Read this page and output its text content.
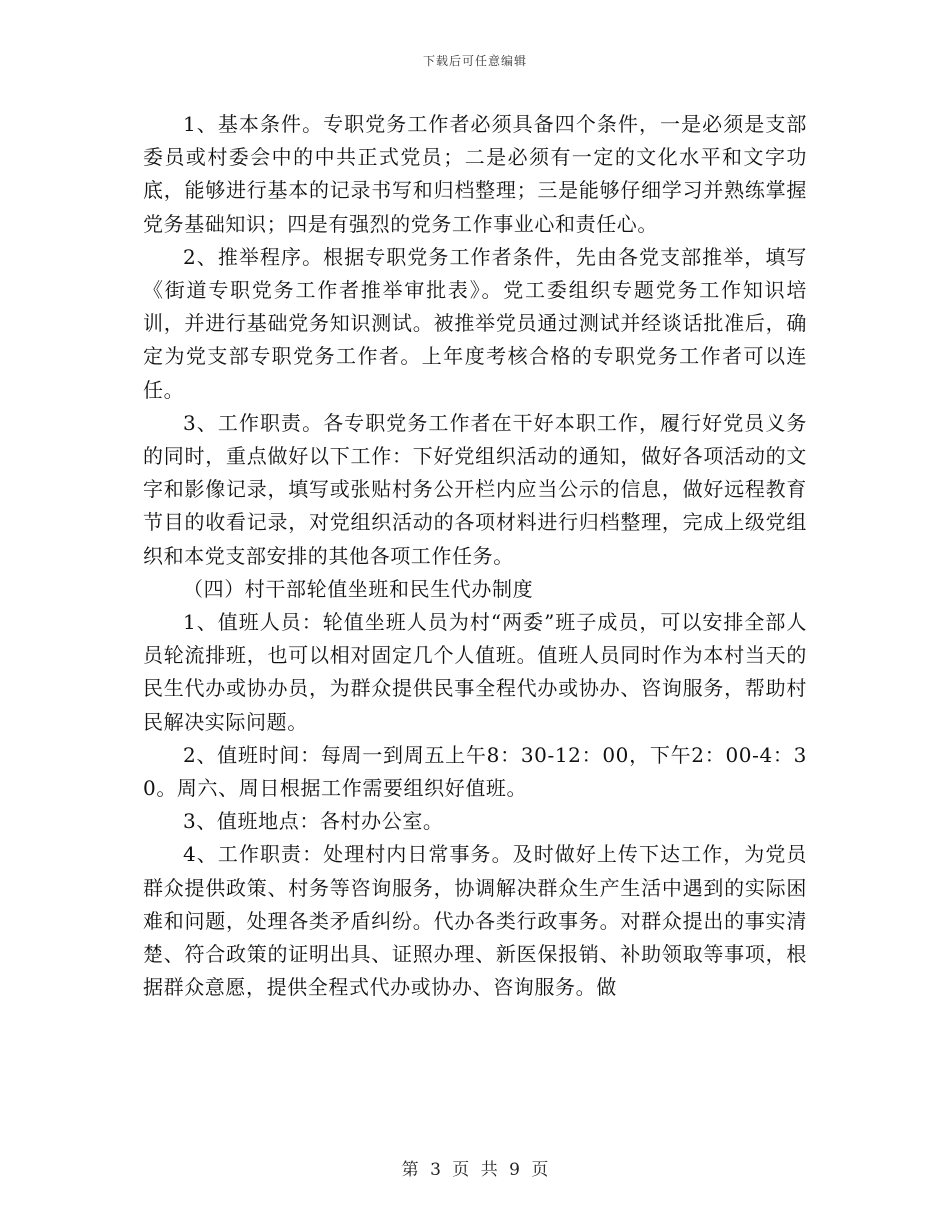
下载后可任意编辑

1、基本条件。专职党务工作者必须具备四个条件，一是必须是支部委员或村委会中的中共正式党员；二是必须有一定的文化水平和文字功底，能够进行基本的记录书写和归档整理；三是能够仔细学习并熟练掌握党务基础知识；四是有强烈的党务工作事业心和责任心。

2、推举程序。根据专职党务工作者条件，先由各党支部推举，填写《街道专职党务工作者推举审批表》。党工委组织专题党务工作知识培训，并进行基础党务知识测试。被推举党员通过测试并经谈话批准后，确定为党支部专职党务工作者。上年度考核合格的专职党务工作者可以连任。

3、工作职责。各专职党务工作者在干好本职工作，履行好党员义务的同时，重点做好以下工作：下好党组织活动的通知，做好各项活动的文字和影像记录，填写或张贴村务公开栏内应当公示的信息，做好远程教育节目的收看记录，对党组织活动的各项材料进行归档整理，完成上级党组织和本党支部安排的其他各项工作任务。

（四）村干部轮值坐班和民生代办制度

1、值班人员：轮值坐班人员为村“两委”班子成员，可以安排全部人员轮流排班，也可以相对固定几个人值班。值班人员同时作为本村当天的民生代办或协办员，为群众提供民事全程代办或协办、咨询服务，帮助村民解决实际问题。

2、值班时间：每周一到周五上午8：30-12：00，下午2：00-4：30。周六、周日根据工作需要组织好值班。

3、值班地点：各村办公室。

4、工作职责：处理村内日常事务。及时做好上传下达工作，为党员群众提供政策、村务等咨询服务，协调解决群众生产生活中遇到的实际困难和问题，处理各类矛盾纠纷。代办各类行政事务。对群众提出的事实清楚、符合政策的证明出具、证照办理、新医保报销、补助领取等事项，根据群众意愿，提供全程式代办或协办、咨询服务。做

第 3 页 共 9 页
